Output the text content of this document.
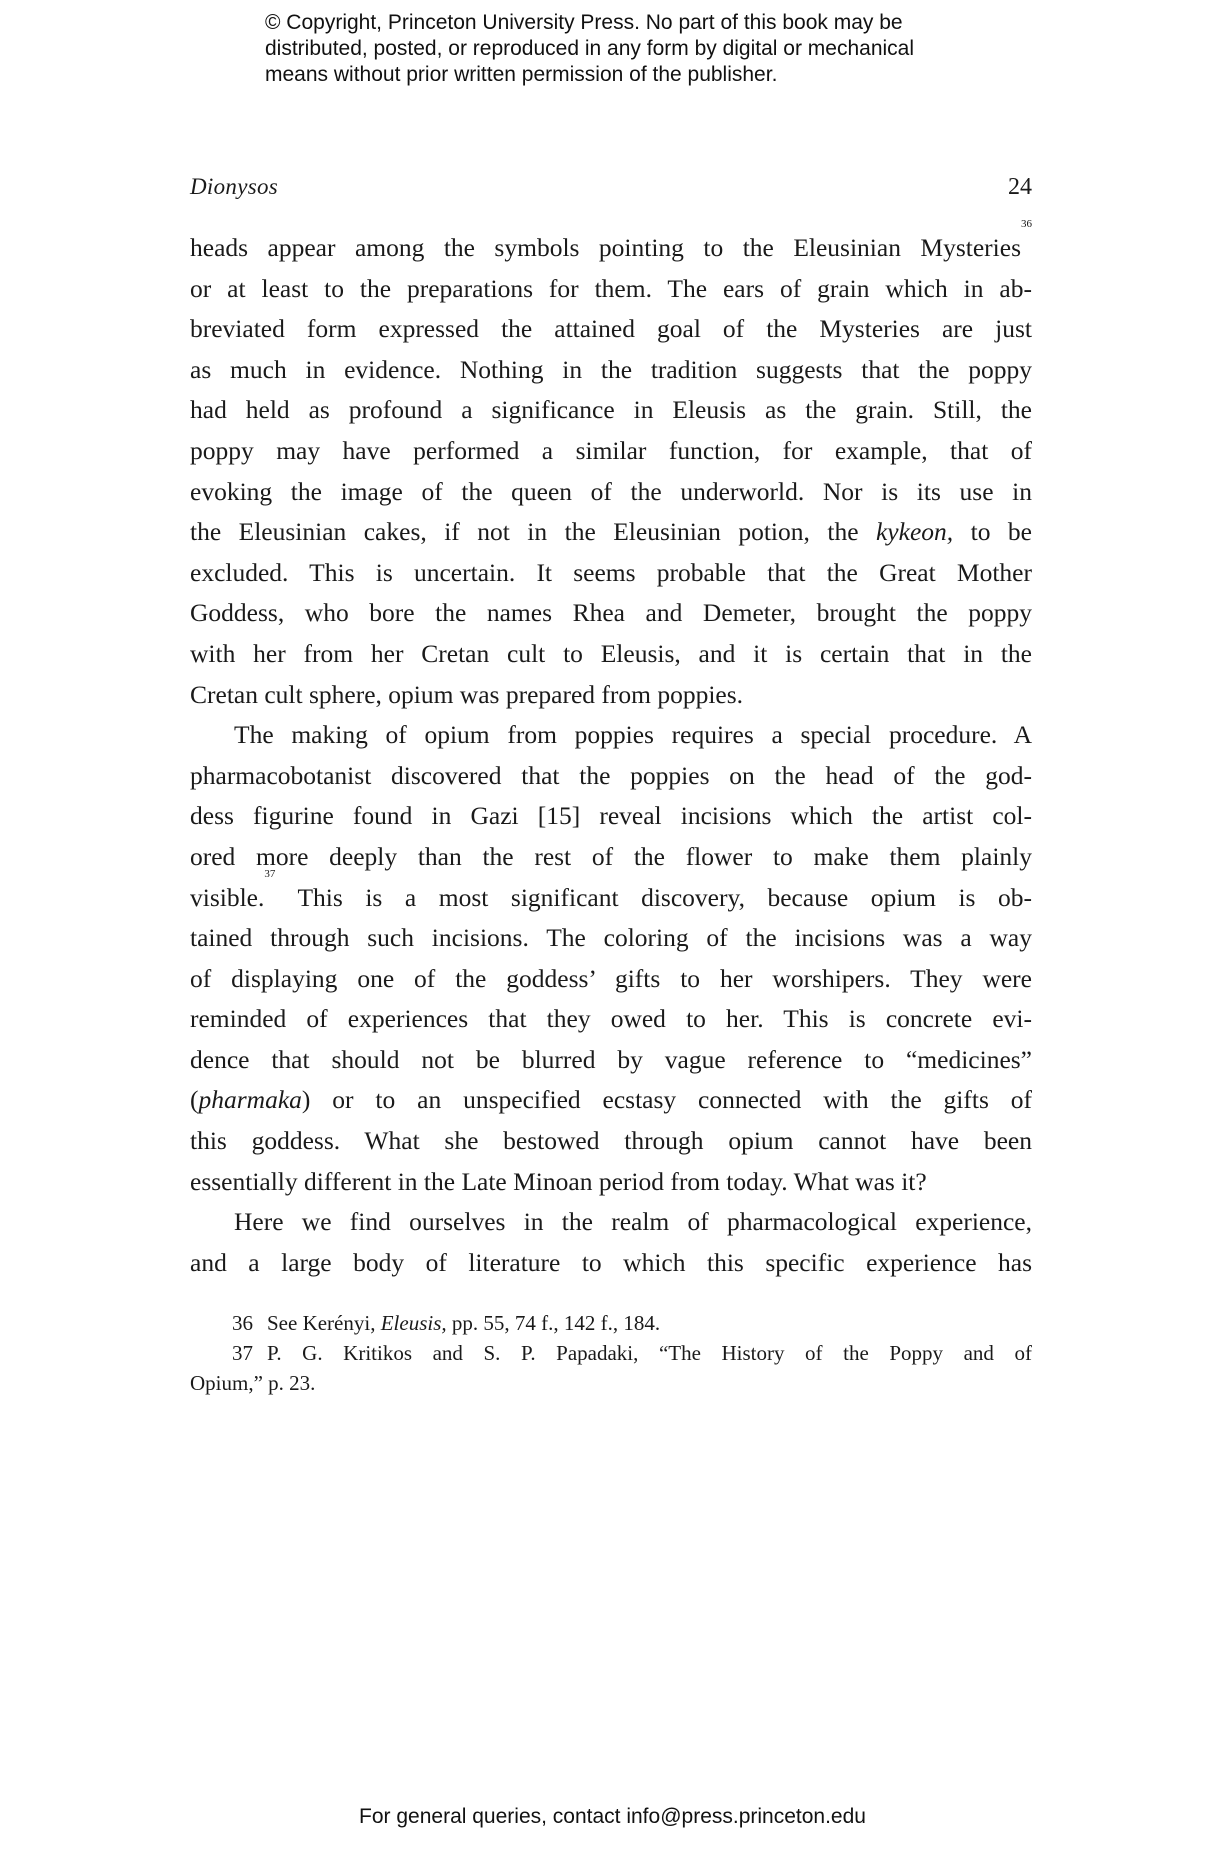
© Copyright, Princeton University Press. No part of this book may be
distributed, posted, or reproduced in any form by digital or mechanical
means without prior written permission of the publisher.
Dionysos	24
heads appear among the symbols pointing to the Eleusinian Mysteries$^{36}$
or at least to the preparations for them. The ears of grain which in ab-
breviated form expressed the attained goal of the Mysteries are just
as much in evidence. Nothing in the tradition suggests that the poppy
had held as profound a significance in Eleusis as the grain. Still, the
poppy may have performed a similar function, for example, that of
evoking the image of the queen of the underworld. Nor is its use in
the Eleusinian cakes, if not in the Eleusinian potion, the kykeon, to be
excluded. This is uncertain. It seems probable that the Great Mother
Goddess, who bore the names Rhea and Demeter, brought the poppy
with her from her Cretan cult to Eleusis, and it is certain that in the
Cretan cult sphere, opium was prepared from poppies.
The making of opium from poppies requires a special procedure. A
pharmacobotanist discovered that the poppies on the head of the god-
dess figurine found in Gazi [15] reveal incisions which the artist col-
ored more deeply than the rest of the flower to make them plainly
visible.$^{37}$ This is a most significant discovery, because opium is ob-
tained through such incisions. The coloring of the incisions was a way
of displaying one of the goddess’ gifts to her worshipers. They were
reminded of experiences that they owed to her. This is concrete evi-
dence that should not be blurred by vague reference to “medicines”
(pharmaka) or to an unspecified ecstasy connected with the gifts of
this goddess. What she bestowed through opium cannot have been
essentially different in the Late Minoan period from today. What was it?
Here we find ourselves in the realm of pharmacological experience,
and a large body of literature to which this specific experience has
36 See Kerényi, Eleusis, pp. 55, 74 f., 142 f., 184.
37 P. G. Kritikos and S. P. Papadaki, “The History of the Poppy and of
Opium,” p. 23.
For general queries, contact info@press.princeton.edu
